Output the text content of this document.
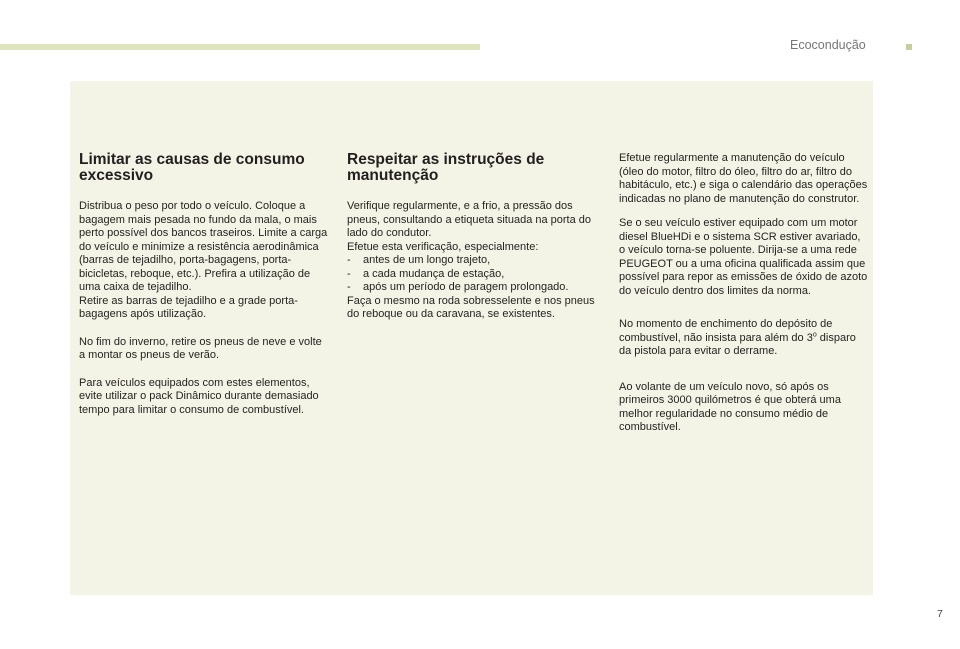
Ecocondução
Limitar as causas de consumo excessivo

Distribua o peso por todo o veículo. Coloque a bagagem mais pesada no fundo da mala, o mais perto possível dos bancos traseiros. Limite a carga do veículo e minimize a resistência aerodinâmica (barras de tejadilho, porta-bagagens, porta-bicicletas, reboque, etc.). Prefira a utilização de uma caixa de tejadilho.
Retire as barras de tejadilho e a grade porta-bagagens após utilização.

No fim do inverno, retire os pneus de neve e volte a montar os pneus de verão.

Para veículos equipados com estes elementos, evite utilizar o pack Dinâmico durante demasiado tempo para limitar o consumo de combustível.

Respeitar as instruções de manutenção

Verifique regularmente, e a frio, a pressão dos pneus, consultando a etiqueta situada na porta do lado do condutor.
Efetue esta verificação, especialmente:

- antes de um longo trajeto,
- a cada mudança de estação,
- após um período de paragem prolongado.

Faça o mesmo na roda sobresselente e nos pneus do reboque ou da caravana, se existentes.

Efetue regularmente a manutenção do veículo (óleo do motor, filtro do óleo, filtro do ar, filtro do habitáculo, etc.) e siga o calendário das operações indicadas no plano de manutenção do construtor.

Se o seu veículo estiver equipado com um motor diesel BlueHDi e o sistema SCR estiver avariado, o veículo torna-se poluente. Dirija-se a uma rede PEUGEOT ou a uma oficina qualificada assim que possível para repor as emissões de óxido de azoto do veículo dentro dos limites da norma.

No momento de enchimento do depósito de combustível, não insista para além do 3$^o$ disparo da pistola para evitar o derrame.

Ao volante de um veículo novo, só após os primeiros 3000 quilómetros é que obterá uma melhor regularidade no consumo médio de combustível.

7
